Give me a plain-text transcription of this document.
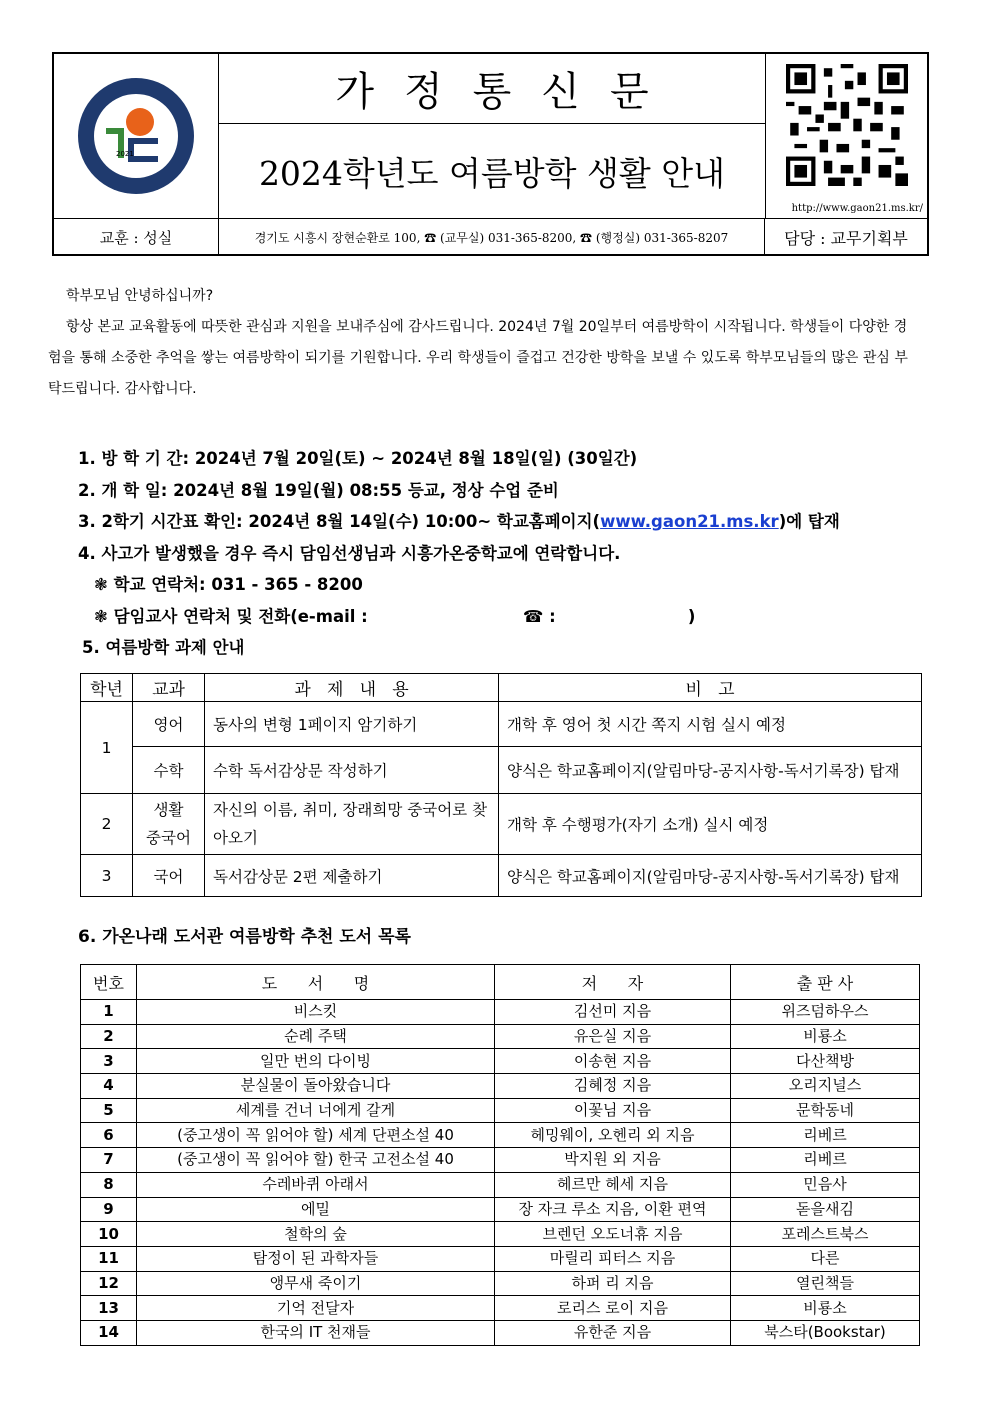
2021
가정통신문
2024학년도 여름방학 생활 안내
http://www.gaon21.ms.kr/
교훈 : 성실	경기도 시흥시 장현순환로 100, ☎ (교무실) 031-365-8200, ☎ (행정실) 031-365-8207	담당 : 교무기획부

학부모님 안녕하십니까?

항상 본교 교육활동에 따뜻한 관심과 지원을 보내주심에 감사드립니다. 2024년 7월 20일부터 여름방학이 시작됩니다. 학생들이 다양한 경험을 통해 소중한 추억을 쌓는 여름방학이 되기를 기원합니다. 우리 학생들이 즐겁고 건강한 방학을 보낼 수 있도록 학부모님들의 많은 관심 부탁드립니다. 감사합니다.

1. 방 학 기 간: 2024년 7월 20일(토) ~ 2024년 8월 18일(일) (30일간)
2. 개 학 일: 2024년 8월 19일(월) 08:55 등교, 정상 수업 준비
3. 2학기 시간표 확인: 2024년 8월 14일(수) 10:00~ 학교홈페이지(www.gaon21.ms.kr)에 탑재
4. 사고가 발생했을 경우 즉시 담임선생님과 시흥가온중학교에 연락합니다.
❃ 학교 연락처: 031 - 365 - 8200
❃ 담임교사 연락처 및 전화(e-mail :                           ☎ :                       )
5. 여름방학 과제 안내
학년	교과	과   제   내   용	비   고
1	영어	동사의 변형 1페이지 암기하기	개학 후 영어 첫 시간 쪽지 시험 실시 예정
	수학	수학 독서감상문 작성하기	양식은 학교홈페이지(알림마당-공지사항-독서기록장) 탑재
2	생활
중국어	자신의 이름, 취미, 장래희망 중국어로 찾아오기	개학 후 수행평가(자기 소개) 실시 예정
3	국어	독서감상문 2편 제출하기	양식은 학교홈페이지(알림마당-공지사항-독서기록장) 탑재
6. 가온나래 도서관 여름방학 추천 도서 목록
번호	도      서      명	저      자	출 판 사
1	비스킷	김선미 지음	위즈덤하우스
2	순례 주택	유은실 지음	비룡소
3	일만 번의 다이빙	이송현 지음	다산책방
4	분실물이 돌아왔습니다	김혜정 지음	오리지널스
5	세계를 건너 너에게 갈게	이꽃님 지음	문학동네
6	(중고생이 꼭 읽어야 할) 세계 단편소설 40	헤밍웨이, 오헨리 외 지음	리베르
7	(중고생이 꼭 읽어야 할) 한국 고전소설 40	박지원 외 지음	리베르
8	수레바퀴 아래서	헤르만 헤세 지음	민음사
9	에밀	장 자크 루소 지음, 이환 편역	돋을새김
10	철학의 숲	브렌던 오도너휴 지음	포레스트북스
11	탐정이 된 과학자들	마릴리 피터스 지음	다른
12	앵무새 죽이기	하퍼 리 지음	열린책들
13	기억 전달자	로리스 로이 지음	비룡소
14	한국의 IT 천재들	유한준 지음	북스타(Bookstar)
